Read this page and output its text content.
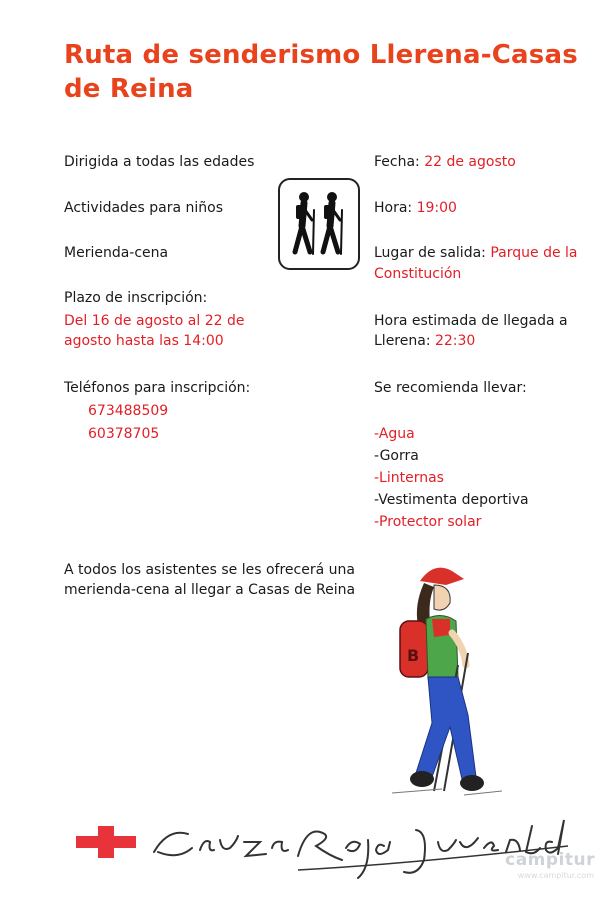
Ruta de senderismo Llerena-Casas de Reina
Dirigida a todas las edades
Actividades para niños
Merienda-cena
Plazo de inscripción:
Del 16 de agosto al 22 de
agosto hasta las 14:00
Teléfonos para inscripción:
673488509
60378705
Fecha: 22 de agosto
Hora: 19:00
Lugar de salida: Parque de la
Constitución
Hora estimada de llegada a
Llerena: 22:30
Se recomienda llevar:
-Agua
-Gorra
-Linternas
-Vestimenta deportiva
-Protector solar
A todos los asistentes se les ofrecerá una
merienda-cena al llegar a Casas de Reina
B
campitur
www.campitur.com
